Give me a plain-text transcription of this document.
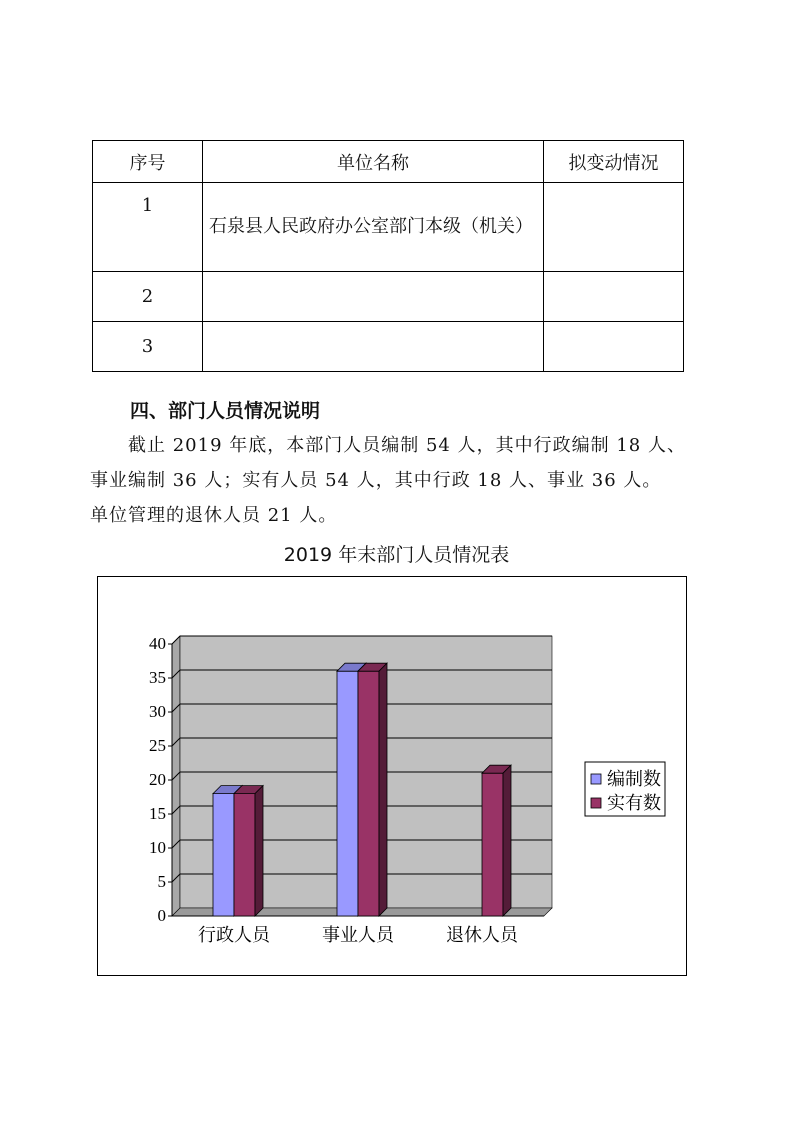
序号	单位名称	拟变动情况
1	石泉县人民政府办公室部门本级（机关）	
2		
3		
四、部门人员情况说明
截止 2019 年底，本部门人员编制 54 人，其中行政编制 18 人、
事业编制 36 人；实有人员 54 人，其中行政 18 人、事业 36 人。
单位管理的退休人员 21 人。
2019 年末部门人员情况表
0
5
10
15
20
25
30
35
40
行政人员	事业人员	退休人员
编制数
实有数
